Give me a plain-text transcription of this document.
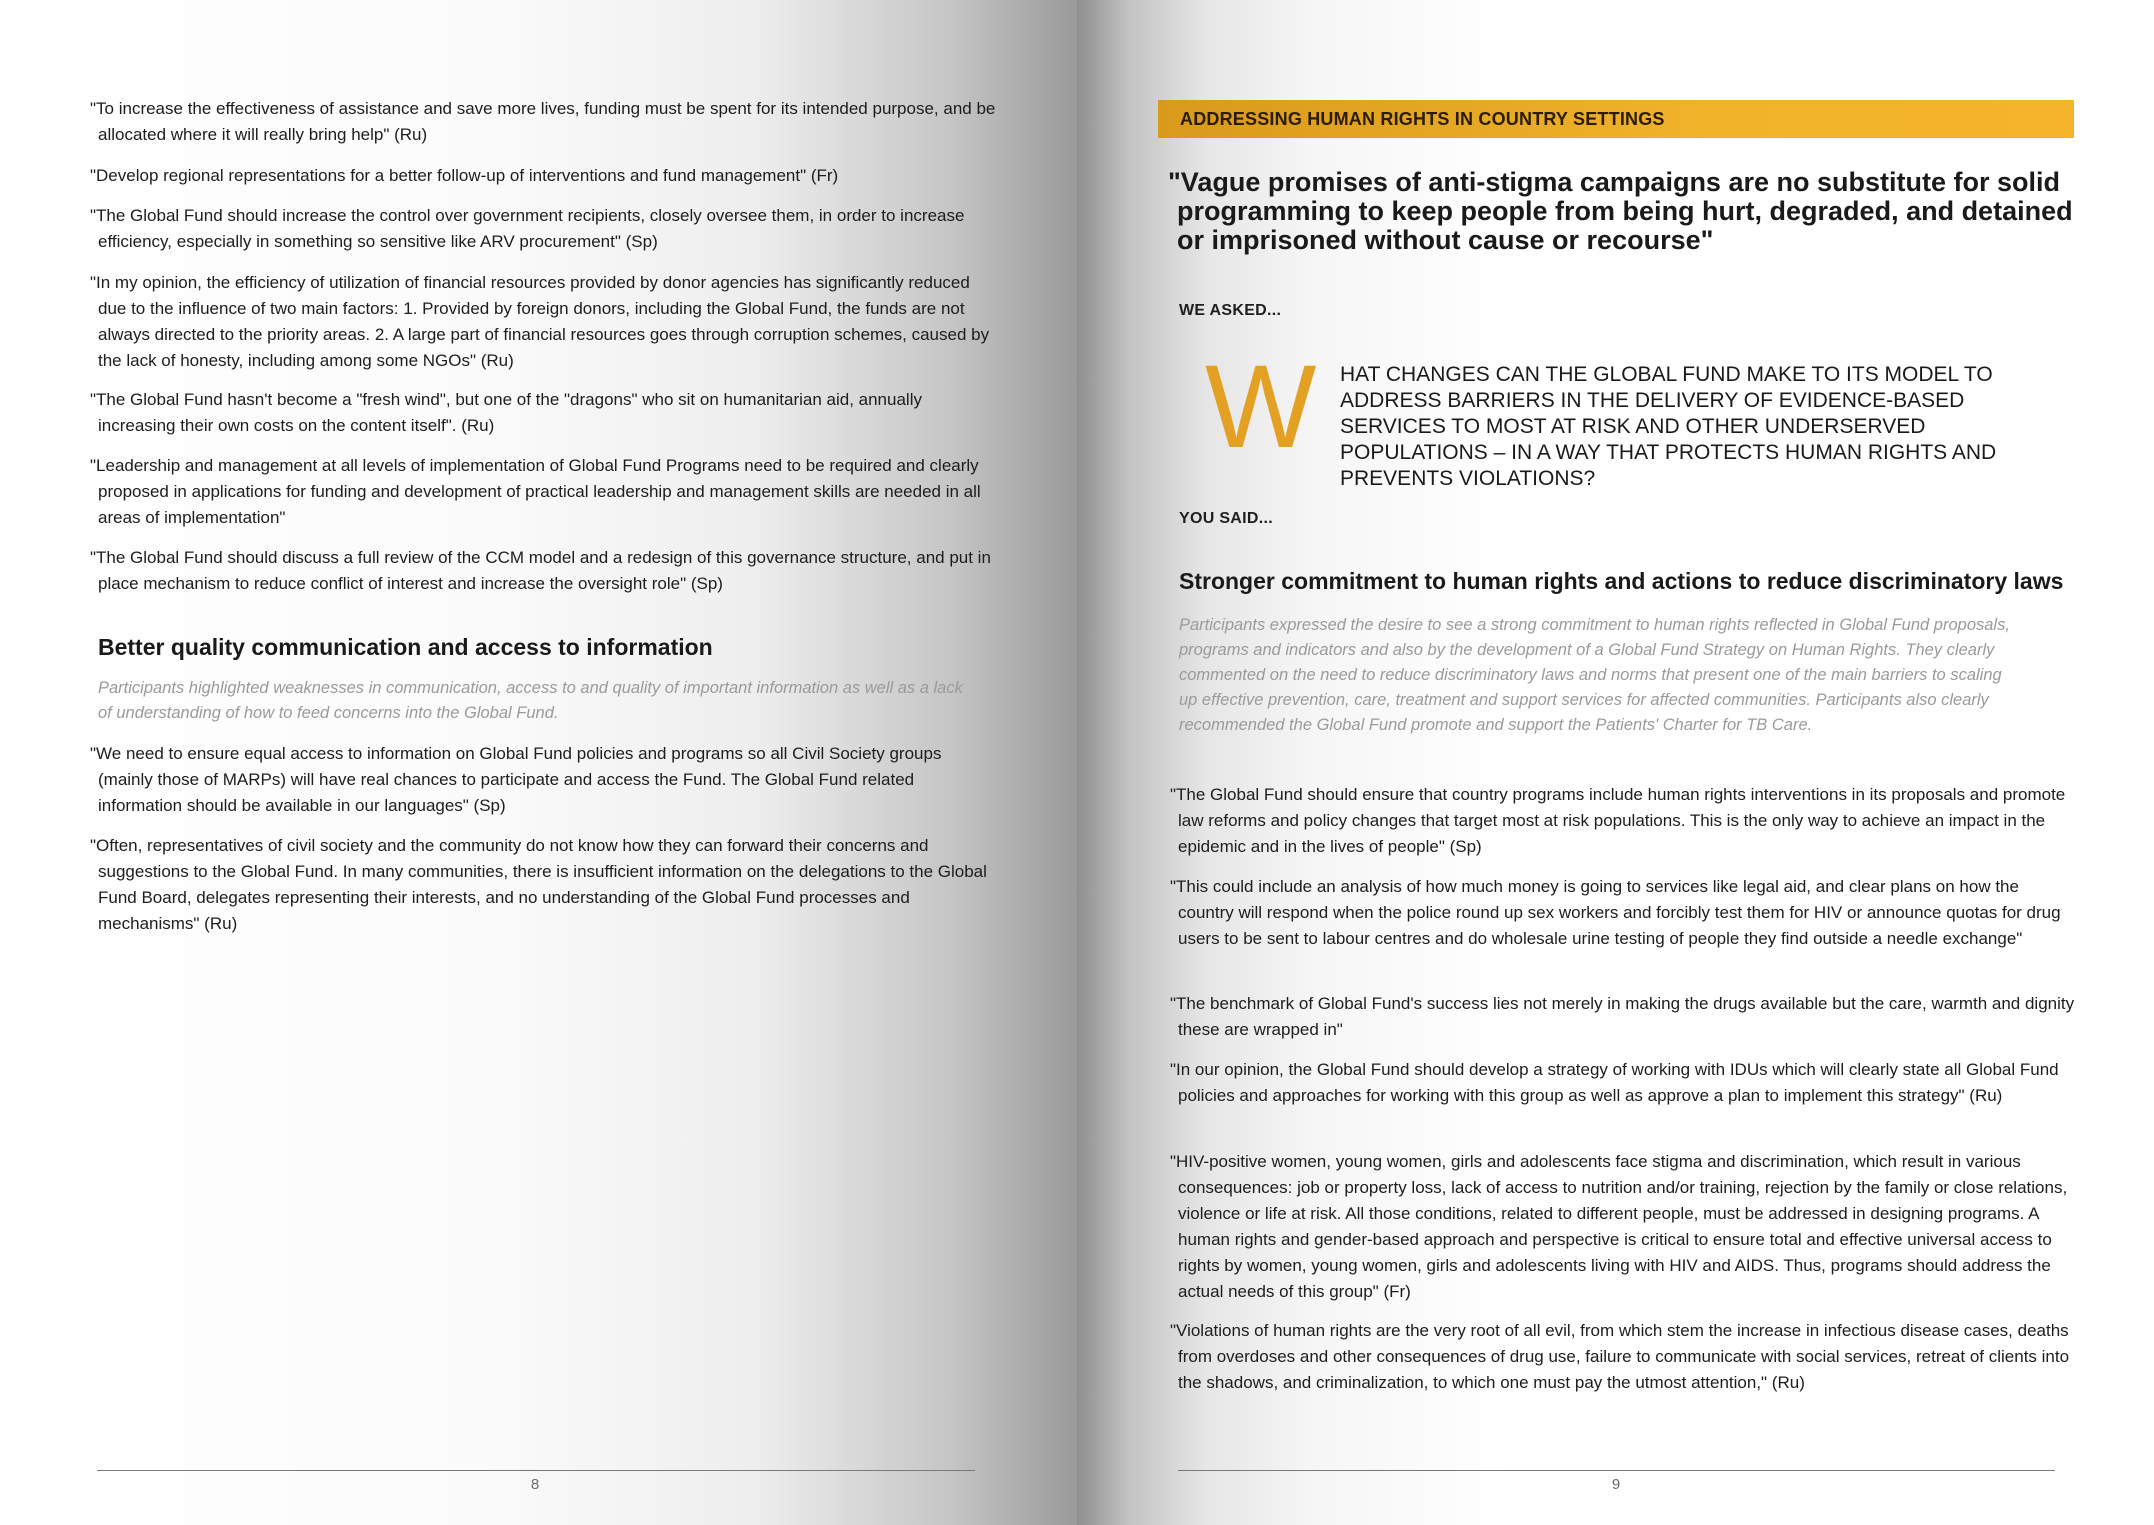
"To increase the effectiveness of assistance and save more lives, funding must be spent for its intended purpose, and be allocated where it will really bring help" (Ru)

"Develop regional representations for a better follow-up of interventions and fund management" (Fr)

"The Global Fund should increase the control over government recipients, closely oversee them, in order to increase efficiency, especially in something so sensitive like ARV procurement" (Sp)

"In my opinion, the efficiency of utilization of financial resources provided by donor agencies has significantly reduced due to the influence of two main factors: 1. Provided by foreign donors, including the Global Fund, the funds are not always directed to the priority areas. 2. A large part of financial resources goes through corruption schemes, caused by the lack of honesty, including among some NGOs" (Ru)

"The Global Fund hasn't become a "fresh wind", but one of the "dragons" who sit on humanitarian aid, annually increasing their own costs on the content itself". (Ru)

"Leadership and management at all levels of implementation of Global Fund Programs need to be required and clearly proposed in applications for funding and development of practical leadership and management skills are needed in all areas of implementation"

"The Global Fund should discuss a full review of the CCM model and a redesign of this governance structure, and put in place mechanism to reduce conflict of interest and increase the oversight role" (Sp)

Better quality communication and access to information

Participants highlighted weaknesses in communication, access to and quality of important information as well as a lack of understanding of how to feed concerns into the Global Fund.

"We need to ensure equal access to information on Global Fund policies and programs so all Civil Society groups (mainly those of MARPs) will have real chances to participate and access the Fund. The Global Fund related information should be available in our languages" (Sp)

"Often, representatives of civil society and the community do not know how they can forward their concerns and suggestions to the Global Fund. In many communities, there is insufficient information on the delegations to the Global Fund Board, delegates representing their interests, and no understanding of the Global Fund processes and mechanisms" (Ru)

8
ADDRESSING HUMAN RIGHTS IN COUNTRY SETTINGS

"Vague promises of anti-stigma campaigns are no substitute for solid programming to keep people from being hurt, degraded, and detained or imprisoned without cause or recourse"

WE ASKED...
W HAT CHANGES CAN THE GLOBAL FUND MAKE TO ITS MODEL TO ADDRESS BARRIERS IN THE DELIVERY OF EVIDENCE-BASED SERVICES TO MOST AT RISK AND OTHER UNDERSERVED POPULATIONS – IN A WAY THAT PROTECTS HUMAN RIGHTS AND PREVENTS VIOLATIONS?

YOU SAID...
Stronger commitment to human rights and actions to reduce discriminatory laws

Participants expressed the desire to see a strong commitment to human rights reflected in Global Fund proposals, programs and indicators and also by the development of a Global Fund Strategy on Human Rights. They clearly commented on the need to reduce discriminatory laws and norms that present one of the main barriers to scaling up effective prevention, care, treatment and support services for affected communities. Participants also clearly recommended the Global Fund promote and support the Patients' Charter for TB Care.

"The Global Fund should ensure that country programs include human rights interventions in its proposals and promote law reforms and policy changes that target most at risk populations. This is the only way to achieve an impact in the epidemic and in the lives of people" (Sp)

"This could include an analysis of how much money is going to services like legal aid, and clear plans on how the country will respond when the police round up sex workers and forcibly test them for HIV or announce quotas for drug users to be sent to labour centres and do wholesale urine testing of people they find outside a needle exchange"

"The benchmark of Global Fund's success lies not merely in making the drugs available but the care, warmth and dignity these are wrapped in"

"In our opinion, the Global Fund should develop a strategy of working with IDUs which will clearly state all Global Fund policies and approaches for working with this group as well as approve a plan to implement this strategy" (Ru)

"HIV-positive women, young women, girls and adolescents face stigma and discrimination, which result in various consequences: job or property loss, lack of access to nutrition and/or training, rejection by the family or close relations, violence or life at risk. All those conditions, related to different people, must be addressed in designing programs. A human rights and gender-based approach and perspective is critical to ensure total and effective universal access to rights by women, young women, girls and adolescents living with HIV and AIDS. Thus, programs should address the actual needs of this group" (Fr)

"Violations of human rights are the very root of all evil, from which stem the increase in infectious disease cases, deaths from overdoses and other consequences of drug use, failure to communicate with social services, retreat of clients into the shadows, and criminalization, to which one must pay the utmost attention," (Ru)

9
